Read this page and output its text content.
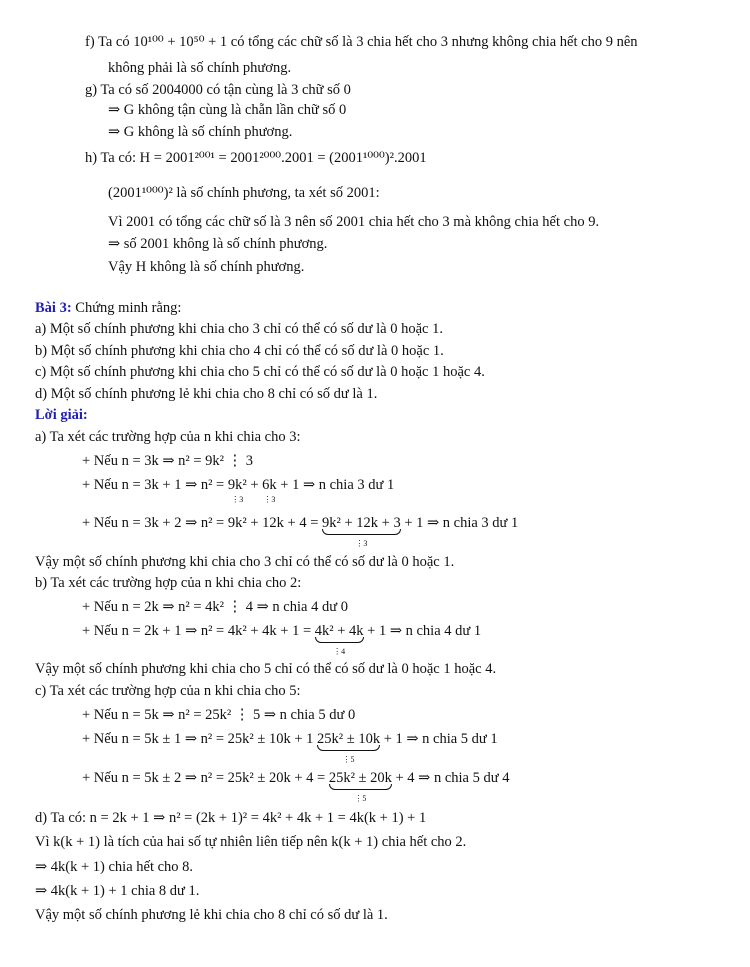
f) Ta có 10¹⁰⁰ + 10⁵⁰ + 1 có tổng các chữ số là 3 chia hết cho 3 nhưng không chia hết cho 9 nên
không phải là số chính phương.
g) Ta có số 2004000 có tận cùng là 3 chữ số 0
⇒ G không tận cùng là chẵn lần chữ số 0
⇒ G không là số chính phương.
h) Ta có: H = 2001²⁰⁰¹ = 2001²⁰⁰⁰.2001 = (2001¹⁰⁰⁰)².2001
(2001¹⁰⁰⁰)² là số chính phương, ta xét số 2001:
Vì 2001 có tổng các chữ số là 3 nên số 2001 chia hết cho 3 mà không chia hết cho 9.
⇒ số 2001 không là số chính phương.
Vậy H không là số chính phương.
Bài 3: Chứng minh rằng:
a) Một số chính phương khi chia cho 3 chỉ có thể có số dư là 0 hoặc 1.
b) Một số chính phương khi chia cho 4 chỉ có thể có số dư là 0 hoặc 1.
c) Một số chính phương khi chia cho 5 chỉ có thể có số dư là 0 hoặc 1 hoặc 4.
d) Một số chính phương lẻ khi chia cho 8 chỉ có số dư là 1.
Lời giải:
a) Ta xét các trường hợp của n khi chia cho 3:
+ Nếu n = 3k ⇒ n² = 9k² ⋮ 3
+ Nếu n = 3k + 1 ⇒ n² = 9k²
⋮3
+ 6k
⋮3
+ 1 ⇒ n chia 3 dư 1
+ Nếu n = 3k + 2 ⇒ n² = 9k² + 12k + 4 = 9k² + 12k + 3
⋮3
+ 1 ⇒ n chia 3 dư 1
Vậy một số chính phương khi chia cho 3 chỉ có thể có số dư là 0 hoặc 1.
b) Ta xét các trường hợp của n khi chia cho 2:
+ Nếu n = 2k ⇒ n² = 4k² ⋮ 4 ⇒ n chia 4 dư 0
+ Nếu n = 2k + 1 ⇒ n² = 4k² + 4k + 1 = 4k² + 4k
⋮4
+ 1 ⇒ n chia 4 dư 1
Vậy một số chính phương khi chia cho 5 chỉ có thể có số dư là 0 hoặc 1 hoặc 4.
c) Ta xét các trường hợp của n khi chia cho 5:
+ Nếu n = 5k ⇒ n² = 25k² ⋮ 5 ⇒ n chia 5 dư 0
+ Nếu n = 5k ± 1 ⇒ n² = 25k² ± 10k + 1 25k² ± 10k
⋮5
+ 1 ⇒ n chia 5 dư 1
+ Nếu n = 5k ± 2 ⇒ n² = 25k² ± 20k + 4 = 25k² ± 20k
⋮5
+ 4 ⇒ n chia 5 dư 4
d) Ta có: n = 2k + 1 ⇒ n² = (2k + 1)² = 4k² + 4k + 1 = 4k(k + 1) + 1
Vì k(k + 1) là tích của hai số tự nhiên liên tiếp nên k(k + 1) chia hết cho 2.
⇒ 4k(k + 1) chia hết cho 8.
⇒ 4k(k + 1) + 1 chia 8 dư 1.
Vậy một số chính phương lẻ khi chia cho 8 chỉ có số dư là 1.
